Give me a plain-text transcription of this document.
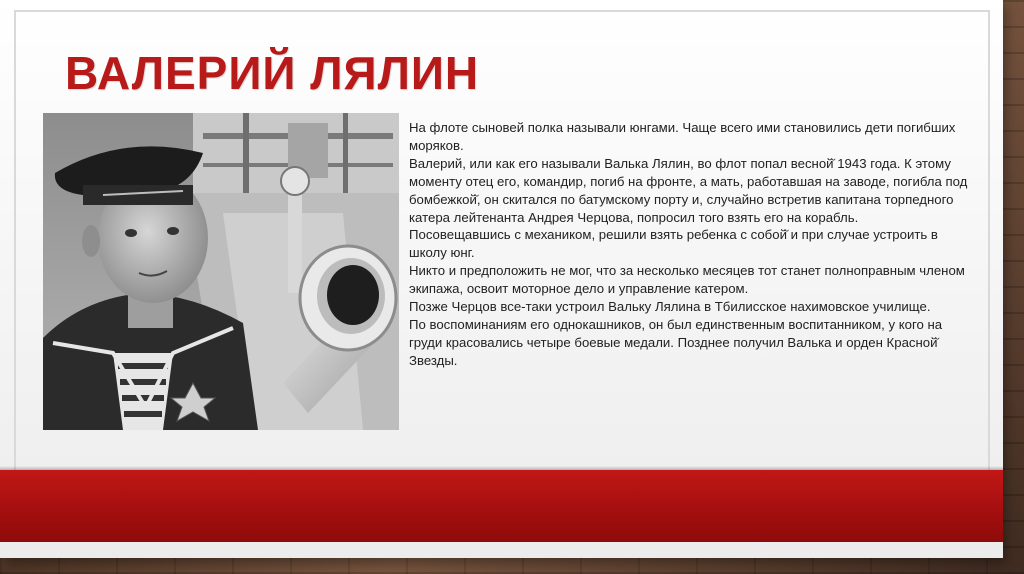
ВАЛЕРИЙ ЛЯЛИН

На флоте сыновей полка называли юнгами. Чаще всего ими становились дети погибших моряков.

Валерий, или как его называли Валька Лялин, во флот попал весной̆ 1943 года. К этому моменту отец его, командир, погиб на фронте, а мать, работавшая на заводе, погибла под бомбежкой̆, он скитался по батумскому порту и, случайно встретив капитана торпедного катера лейтенанта Андрея Черцова, попросил того взять его на корабль.

Посовещавшись с механиком, решили взять ребенка с собой̆ и при случае устроить в школу юнг.

Никто и предположить не мог, что за несколько месяцев тот станет полноправным членом экипажа, освоит моторное дело и управление катером.

Позже Черцов все-таки устроил Вальку Лялина в Тбилисское нахимовское училище.

По воспоминаниям его однокашников, он был единственным воспитанником, у кого на груди красовались четыре боевые медали. Позднее получил Валька и орден Красной̆ Звезды.
